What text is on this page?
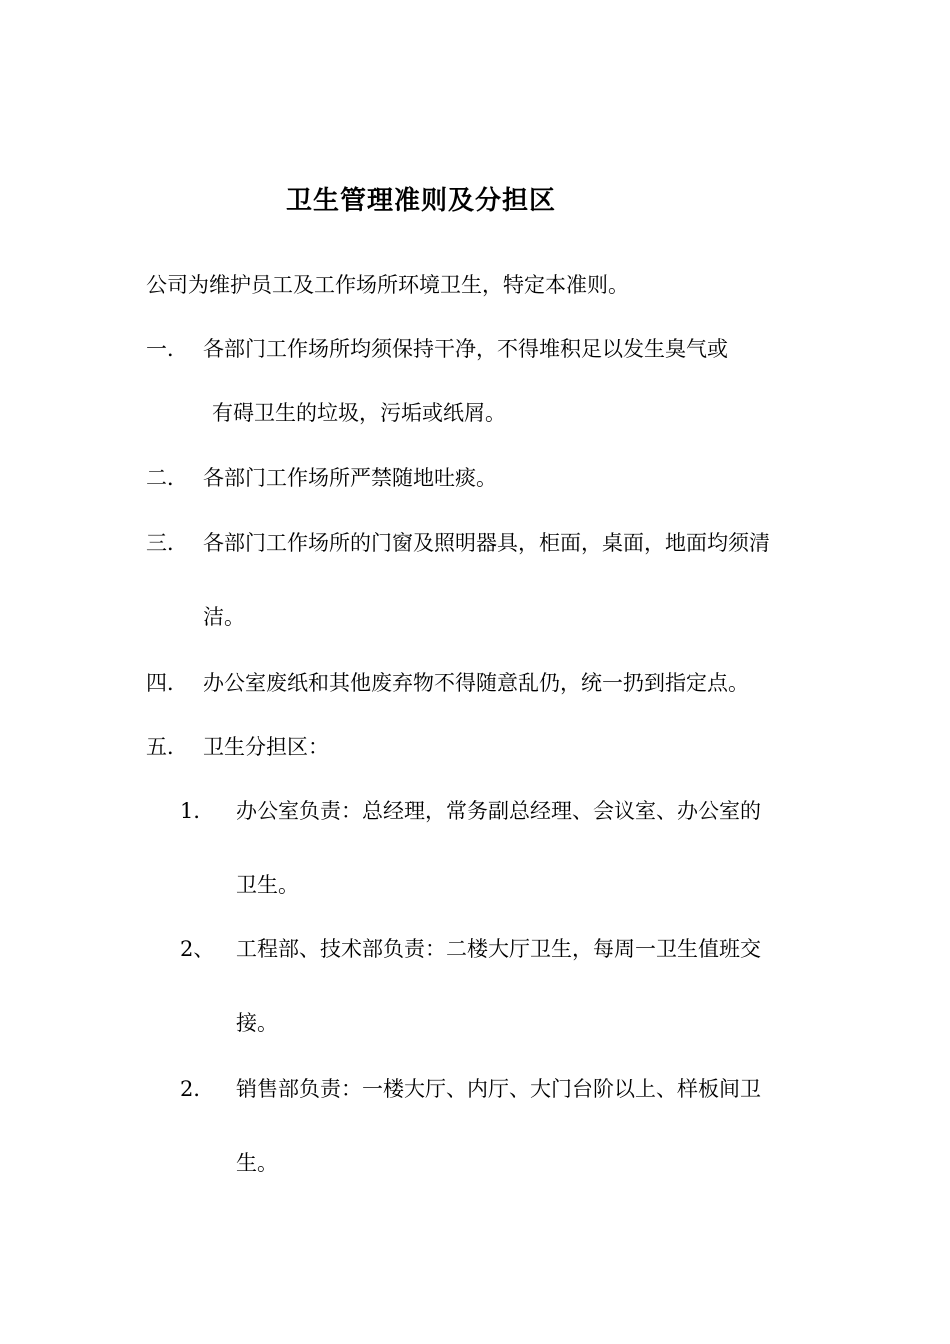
卫生管理准则及分担区
公司为维护员工及工作场所环境卫生，特定本准则。
一． 各部门工作场所均须保持干净，不得堆积足以发生臭气或
有碍卫生的垃圾，污垢或纸屑。
二． 各部门工作场所严禁随地吐痰。
三． 各部门工作场所的门窗及照明器具，柜面，桌面，地面均须清
洁。
四． 办公室废纸和其他废弃物不得随意乱仍，统一扔到指定点。
五． 卫生分担区：
1． 办公室负责：总经理，常务副总经理、会议室、办公室的
卫生。
2、 工程部、技术部负责：二楼大厅卫生，每周一卫生值班交
接。
2． 销售部负责：一楼大厅、内厅、大门台阶以上、样板间卫
生。
